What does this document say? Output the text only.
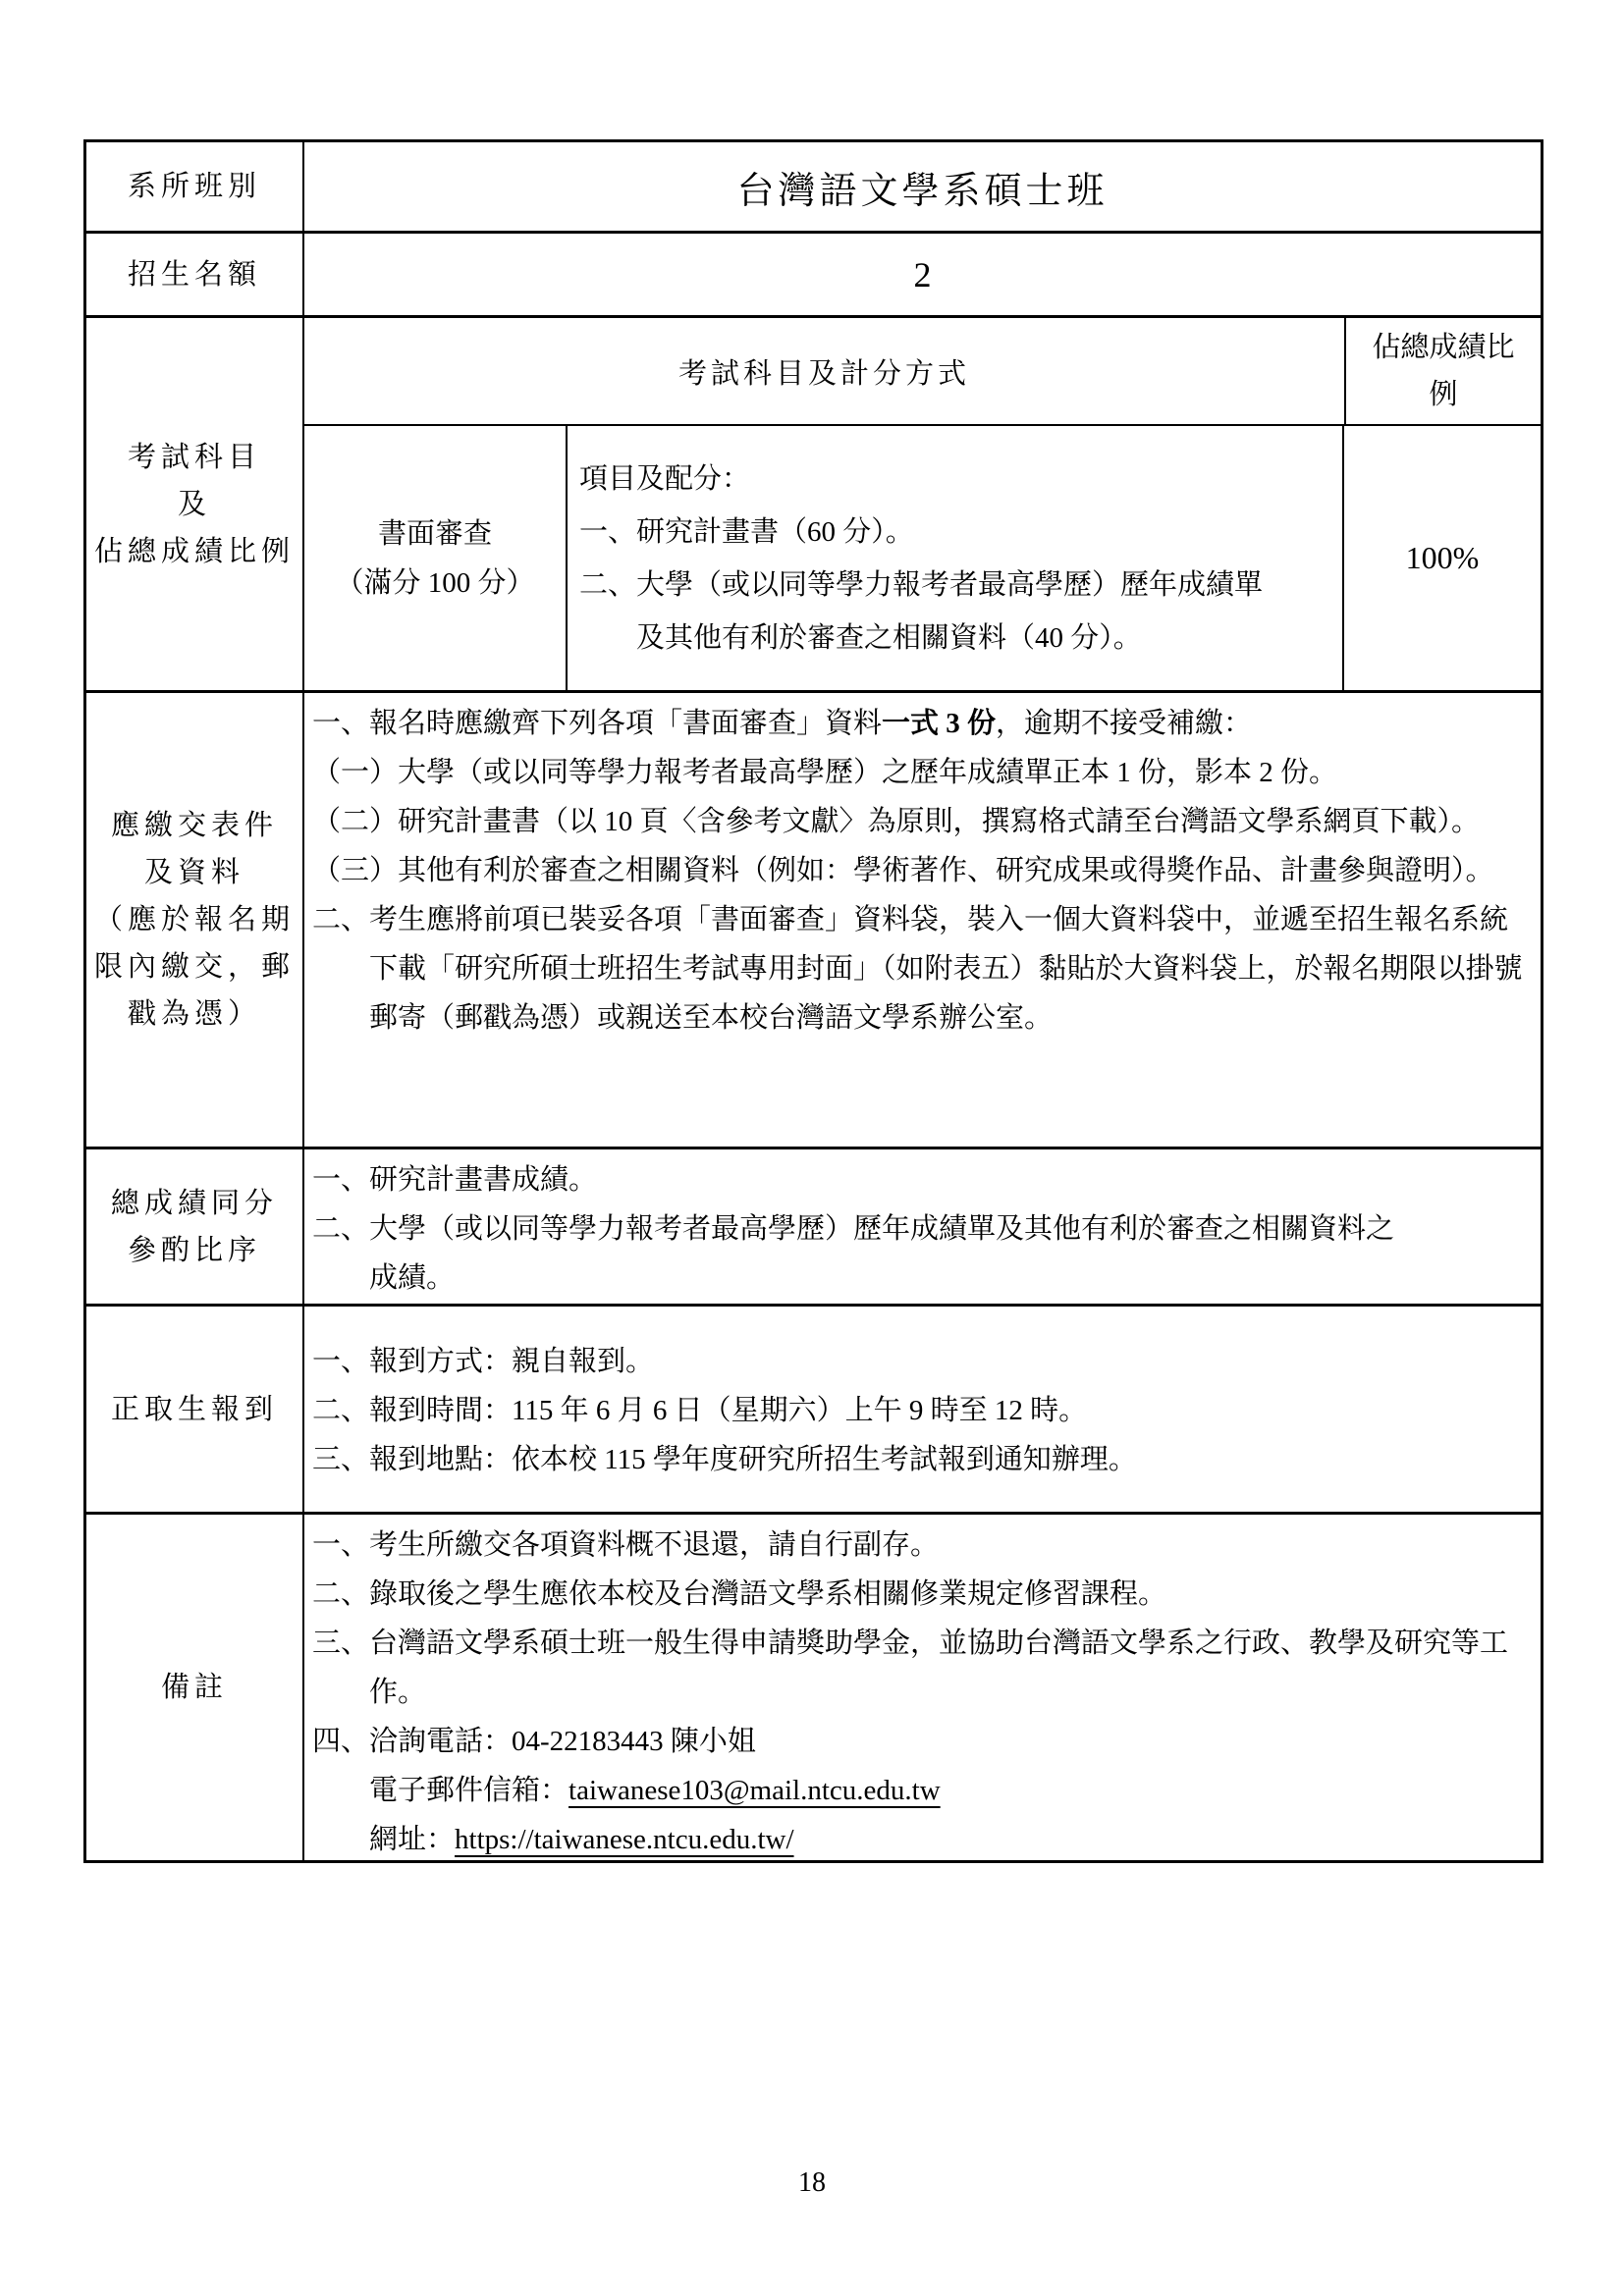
系所班別	台灣語文學系碩士班
招生名額	2
考試科目
及
佔總成績比例
考試科目及計分方式
佔總成績比例
書面審查
（滿分 100 分）
項目及配分：
一、研究計畫書（60 分）。
二、大學（或以同等學力報考者最高學歷）歷年成績單
及其他有利於審查之相關資料（40 分）。
100%
應繳交表件
及資料
（應於報名期
限內繳交，郵
戳為憑）
一、報名時應繳齊下列各項「書面審查」資料一式 3 份，逾期不接受補繳：
（一）大學（或以同等學力報考者最高學歷）之歷年成績單正本 1 份，影本 2 份。
（二）研究計畫書（以 10 頁〈含參考文獻〉為原則，撰寫格式請至台灣語文學系網頁下載）。
（三）其他有利於審查之相關資料（例如：學術著作、研究成果或得獎作品、計畫參與證明）。
二、考生應將前項已裝妥各項「書面審查」資料袋，裝入一個大資料袋中，並遞至招生報名系統下載「研究所碩士班招生考試專用封面」（如附表五）黏貼於大資料袋上，於報名期限以掛號郵寄（郵戳為憑）或親送至本校台灣語文學系辦公室。
總成績同分
參酌比序
一、研究計畫書成績。
二、大學（或以同等學力報考者最高學歷）歷年成績單及其他有利於審查之相關資料之
成績。
正取生報到
一、報到方式：親自報到。
二、報到時間：115 年 6 月 6 日（星期六）上午 9 時至 12 時。
三、報到地點：依本校 115 學年度研究所招生考試報到通知辦理。
備註
一、考生所繳交各項資料概不退還，請自行副存。
二、錄取後之學生應依本校及台灣語文學系相關修業規定修習課程。
三、台灣語文學系碩士班一般生得申請獎助學金，並協助台灣語文學系之行政、教學及研究等工作。
四、洽詢電話：04-22183443 陳小姐
電子郵件信箱：taiwanese103@mail.ntcu.edu.tw
網址：https://taiwanese.ntcu.edu.tw/
18
